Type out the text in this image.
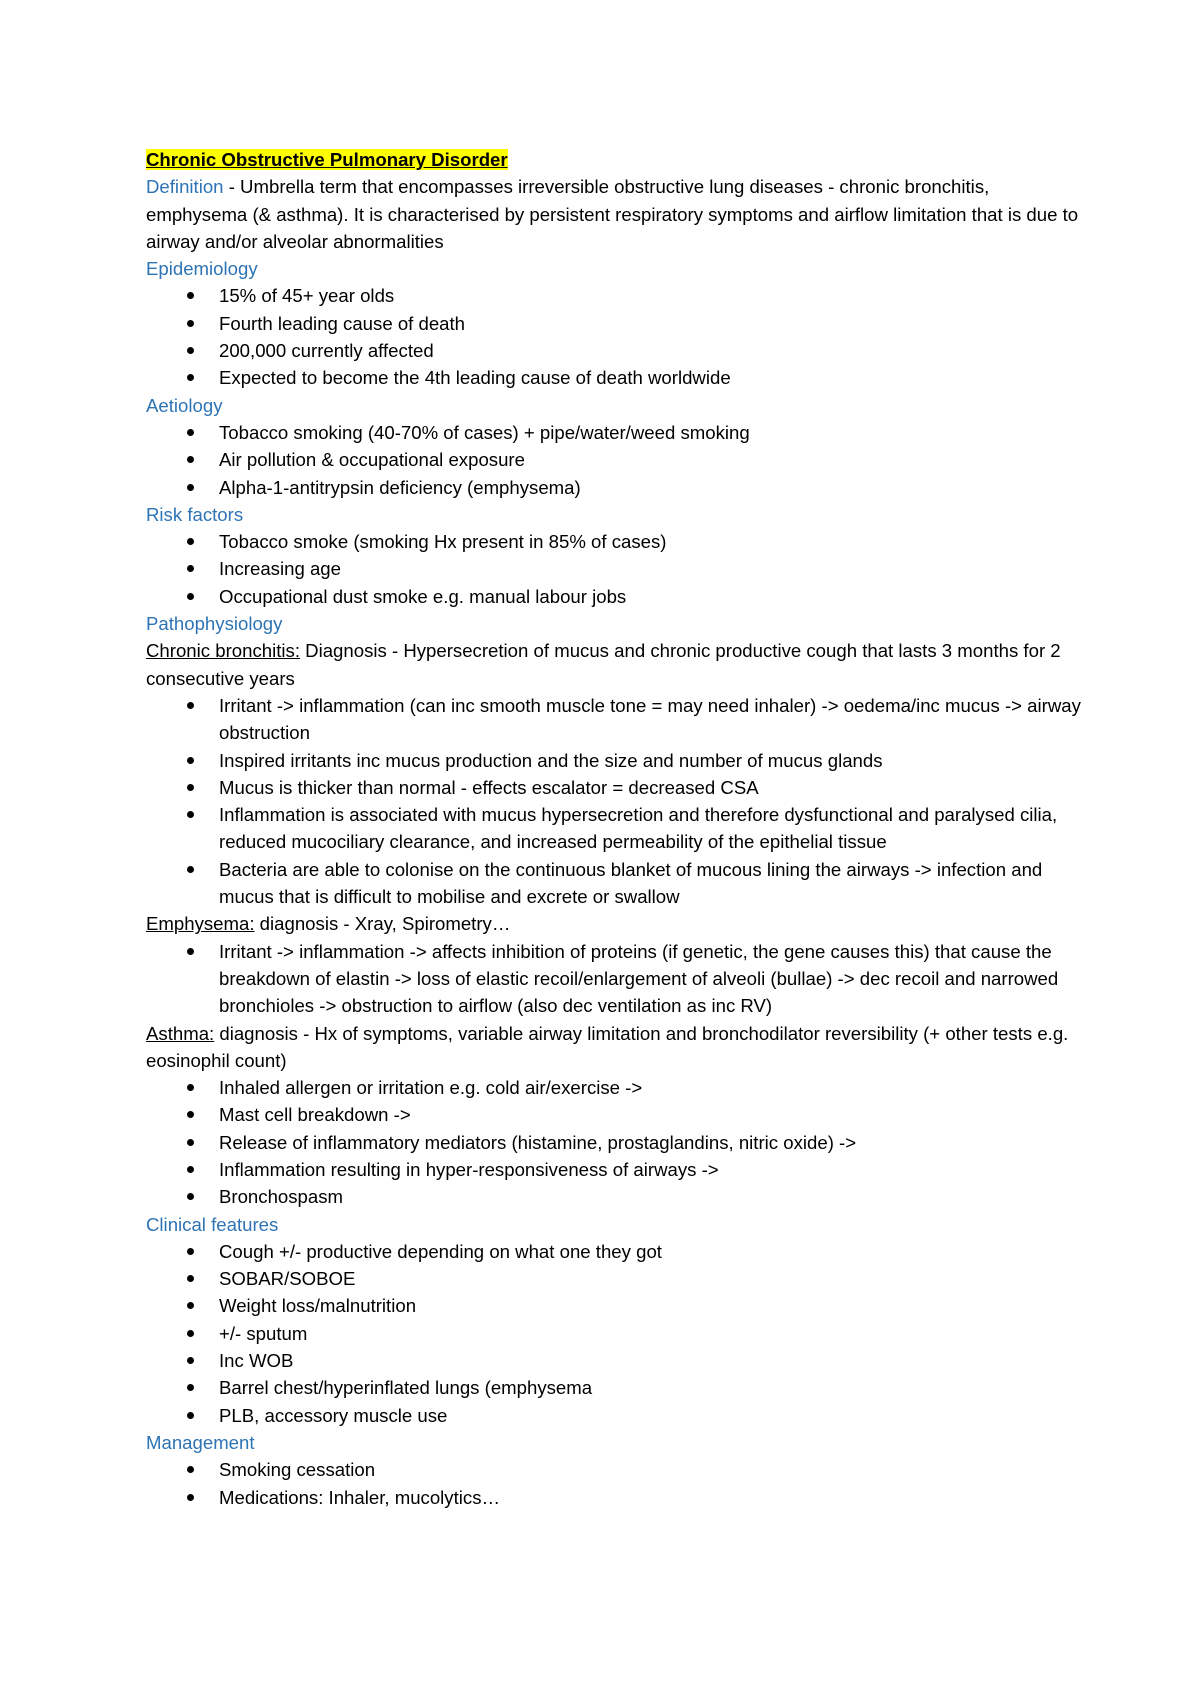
Chronic Obstructive Pulmonary Disorder
Definition - Umbrella term that encompasses irreversible obstructive lung diseases - chronic bronchitis, emphysema (& asthma). It is characterised by persistent respiratory symptoms and airflow limitation that is due to airway and/or alveolar abnormalities
Epidemiology
15% of 45+ year olds
Fourth leading cause of death
200,000 currently affected
Expected to become the 4th leading cause of death worldwide
Aetiology
Tobacco smoking (40-70% of cases) + pipe/water/weed smoking
Air pollution & occupational exposure
Alpha-1-antitrypsin deficiency (emphysema)
Risk factors
Tobacco smoke (smoking Hx present in 85% of cases)
Increasing age
Occupational dust smoke e.g. manual labour jobs
Pathophysiology
Chronic bronchitis: Diagnosis - Hypersecretion of mucus and chronic productive cough that lasts 3 months for 2 consecutive years
Irritant -> inflammation (can inc smooth muscle tone = may need inhaler) -> oedema/inc mucus -> airway obstruction
Inspired irritants inc mucus production and the size and number of mucus glands
Mucus is thicker than normal - effects escalator = decreased CSA
Inflammation is associated with mucus hypersecretion and therefore dysfunctional and paralysed cilia, reduced mucociliary clearance, and increased permeability of the epithelial tissue
Bacteria are able to colonise on the continuous blanket of mucous lining the airways -> infection and mucus that is difficult to mobilise and excrete or swallow
Emphysema: diagnosis - Xray, Spirometry…
Irritant -> inflammation -> affects inhibition of proteins (if genetic, the gene causes this) that cause the breakdown of elastin -> loss of elastic recoil/enlargement of alveoli (bullae) -> dec recoil and narrowed bronchioles -> obstruction to airflow (also dec ventilation as inc RV)
Asthma: diagnosis - Hx of symptoms, variable airway limitation and bronchodilator reversibility (+ other tests e.g. eosinophil count)
Inhaled allergen or irritation e.g. cold air/exercise ->
Mast cell breakdown ->
Release of inflammatory mediators (histamine, prostaglandins, nitric oxide) ->
Inflammation resulting in hyper-responsiveness of airways ->
Bronchospasm
Clinical features
Cough +/- productive depending on what one they got
SOBAR/SOBOE
Weight loss/malnutrition
+/- sputum
Inc WOB
Barrel chest/hyperinflated lungs (emphysema
PLB, accessory muscle use
Management
Smoking cessation
Medications: Inhaler, mucolytics…
